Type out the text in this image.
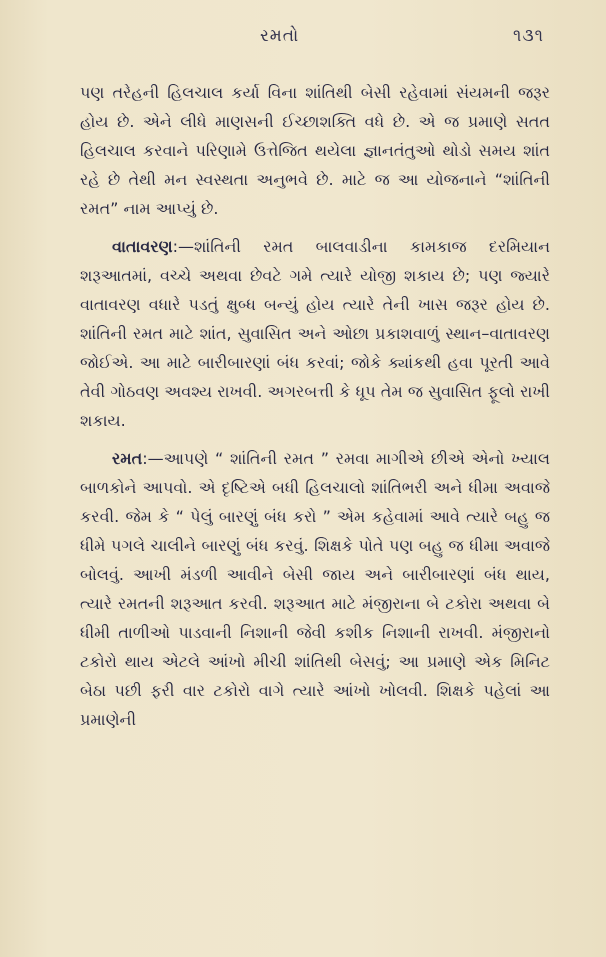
રમતો	૧૩૧

પણ તરેહની હિલચાલ કર્યા વિના શાંતિથી બેસી રહેવામાં સંયમની જરૂર હોય છે. એને લીધે માણસની ઈચ્છાશક્તિ વધે છે. એ જ પ્રમાણે સતત હિલચાલ કરવાને પરિણામે ઉત્તેજિત થયેલા જ્ઞાનતંતુઓ થોડો સમય શાંત રહે છે તેથી મન સ્વસ્થતા અનુભવે છે. માટે જ આ યોજનાને “શાંતિની રમત” નામ આપ્યું છે.

વાતાવરણ:—શાંતિની રમત બાલવાડીના કામકાજ દરમિયાન શરૂઆતમાં, વચ્ચે અથવા છેવટે ગમે ત્યારે યોજી શકાય છે; પણ જ્યારે વાતાવરણ વધારે પડતું ક્ષુબ્ધ બન્યું હોય ત્યારે તેની ખાસ જરૂર હોય છે. શાંતિની રમત માટે શાંત, સુવાસિત અને ઓછા પ્રકાશવાળું સ્થાન–વાતાવરણ જોઈએ. આ માટે બારીબારણાં બંધ કરવાં; જોકે ક્યાંકથી હવા પૂરતી આવે તેવી ગોઠવણ અવશ્ય રાખવી. અગરબત્તી કે ધૂપ તેમ જ સુવાસિત ફૂલો રાખી શકાય.

રમત:—આપણે “ શાંતિની રમત ” રમવા માગીએ છીએ એનો ખ્યાલ બાળકોને આપવો. એ દૃષ્ટિએ બધી હિલચાલો શાંતિભરી અને ધીમા અવાજે કરવી. જેમ કે “ પેલું બારણું બંધ કરો ” એમ કહેવામાં આવે ત્યારે બહુ જ ધીમે પગલે ચાલીને બારણું બંધ કરવું. શિક્ષકે પોતે પણ બહુ જ ધીમા અવાજે બોલવું. આખી મંડળી આવીને બેસી જાય અને બારીબારણાં બંધ થાય, ત્યારે રમતની શરૂઆત કરવી. શરૂઆત માટે મંજીરાના બે ટકોરા અથવા બે ધીમી તાળીઓ પાડવાની નિશાની જેવી કશીક નિશાની રાખવી. મંજીરાનો ટકોરો થાય એટલે આંખો મીચી શાંતિથી બેસવું; આ પ્રમાણે એક મિનિટ બેઠા પછી ફરી વાર ટકોરો વાગે ત્યારે આંખો ખોલવી. શિક્ષકે પહેલાં આ પ્રમાણેની
